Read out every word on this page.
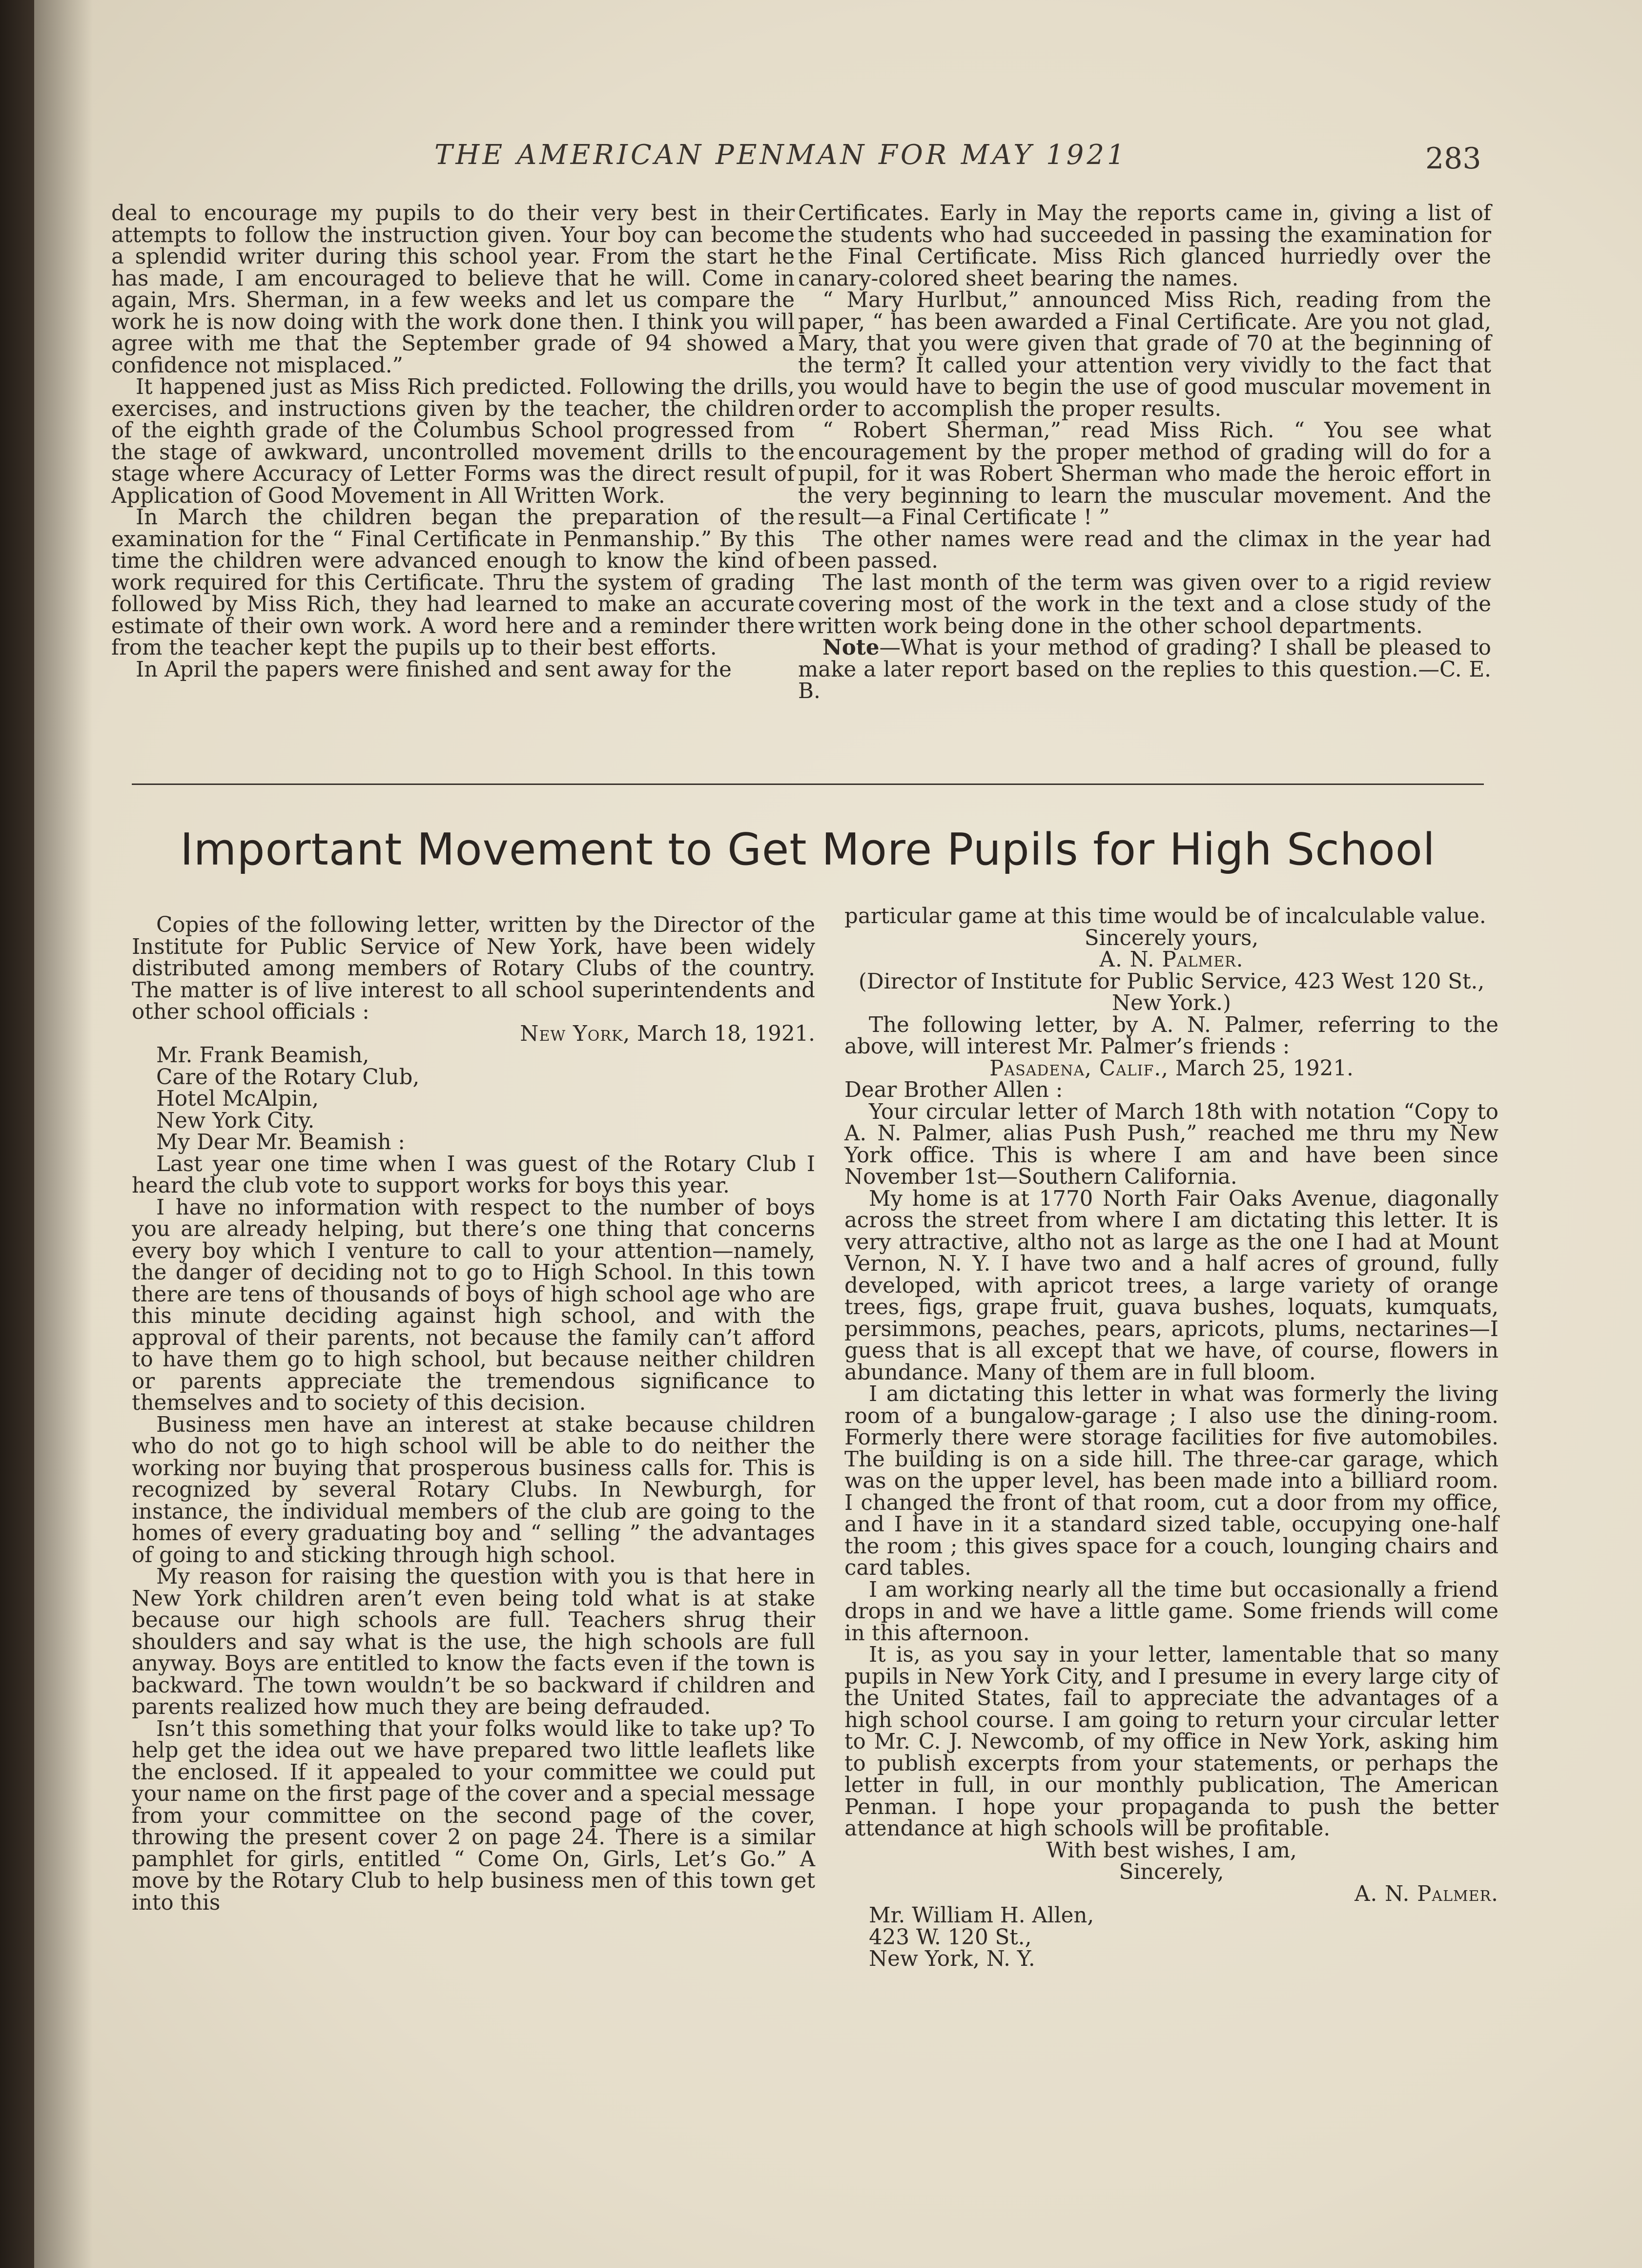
THE AMERICAN PENMAN FOR MAY 1921	283

deal to encourage my pupils to do their very best in their attempts to follow the instruction given. Your boy can become a splendid writer during this school year. From the start he has made, I am encouraged to believe that he will. Come in again, Mrs. Sherman, in a few weeks and let us compare the work he is now doing with the work done then. I think you will agree with me that the September grade of 94 showed a confidence not misplaced.”

It happened just as Miss Rich predicted. Following the drills, exercises, and instructions given by the teacher, the children of the eighth grade of the Columbus School progressed from the stage of awkward, uncontrolled movement drills to the stage where Accuracy of Letter Forms was the direct result of Application of Good Movement in All Written Work.

In March the children began the preparation of the examination for the “ Final Certificate in Penmanship.” By this time the children were advanced enough to know the kind of work required for this Certificate. Thru the system of grading followed by Miss Rich, they had learned to make an accurate estimate of their own work. A word here and a reminder there from the teacher kept the pupils up to their best efforts.

In April the papers were finished and sent away for the

Certificates. Early in May the reports came in, giving a list of the students who had succeeded in passing the examination for the Final Certificate. Miss Rich glanced hurriedly over the canary-colored sheet bearing the names.

“ Mary Hurlbut,” announced Miss Rich, reading from the paper, “ has been awarded a Final Certificate. Are you not glad, Mary, that you were given that grade of 70 at the beginning of the term? It called your attention very vividly to the fact that you would have to begin the use of good muscular movement in order to accomplish the proper results.

“ Robert Sherman,” read Miss Rich. “ You see what encouragement by the proper method of grading will do for a pupil, for it was Robert Sherman who made the heroic effort in the very beginning to learn the muscular movement. And the result—a Final Certificate ! ”

The other names were read and the climax in the year had been passed.

The last month of the term was given over to a rigid review covering most of the work in the text and a close study of the written work being done in the other school departments.

Note—What is your method of grading? I shall be pleased to make a later report based on the replies to this question.—C. E. B.

Important Movement to Get More Pupils for High School

Copies of the following letter, written by the Director of the Institute for Public Service of New York, have been widely distributed among members of Rotary Clubs of the country. The matter is of live interest to all school superintendents and other school officials :

New York, March 18, 1921.

Mr. Frank Beamish,

Care of the Rotary Club,

Hotel McAlpin,

New York City.

My Dear Mr. Beamish :

Last year one time when I was guest of the Rotary Club I heard the club vote to support works for boys this year.

I have no information with respect to the number of boys you are already helping, but there’s one thing that concerns every boy which I venture to call to your attention—namely, the danger of deciding not to go to High School. In this town there are tens of thousands of boys of high school age who are this minute deciding against high school, and with the approval of their parents, not because the family can’t afford to have them go to high school, but because neither children or parents appreciate the tremendous significance to themselves and to society of this decision.

Business men have an interest at stake because children who do not go to high school will be able to do neither the working nor buying that prosperous business calls for. This is recognized by several Rotary Clubs. In Newburgh, for instance, the individual members of the club are going to the homes of every graduating boy and “ selling ” the advantages of going to and sticking through high school.

My reason for raising the question with you is that here in New York children aren’t even being told what is at stake because our high schools are full. Teachers shrug their shoulders and say what is the use, the high schools are full anyway. Boys are entitled to know the facts even if the town is backward. The town wouldn’t be so backward if children and parents realized how much they are being defrauded.

Isn’t this something that your folks would like to take up? To help get the idea out we have prepared two little leaflets like the enclosed. If it appealed to your committee we could put your name on the first page of the cover and a special message from your committee on the second page of the cover, throwing the present cover 2 on page 24. There is a similar pamphlet for girls, entitled “ Come On, Girls, Let’s Go.” A move by the Rotary Club to help business men of this town get into this

particular game at this time would be of incalculable value.

Sincerely yours,

A. N. Palmer.

(Director of Institute for Public Service, 423 West 120 St., New York.)

The following letter, by A. N. Palmer, referring to the above, will interest Mr. Palmer’s friends :

Pasadena, Calif., March 25, 1921.

Dear Brother Allen :

Your circular letter of March 18th with notation “Copy to A. N. Palmer, alias Push Push,” reached me thru my New York office. This is where I am and have been since November 1st—Southern California.

My home is at 1770 North Fair Oaks Avenue, diagonally across the street from where I am dictating this letter. It is very attractive, altho not as large as the one I had at Mount Vernon, N. Y. I have two and a half acres of ground, fully developed, with apricot trees, a large variety of orange trees, figs, grape fruit, guava bushes, loquats, kumquats, persimmons, peaches, pears, apricots, plums, nectarines—I guess that is all except that we have, of course, flowers in abundance. Many of them are in full bloom.

I am dictating this letter in what was formerly the living room of a bungalow-garage ; I also use the dining-room. Formerly there were storage facilities for five automobiles. The building is on a side hill. The three-car garage, which was on the upper level, has been made into a billiard room. I changed the front of that room, cut a door from my office, and I have in it a standard sized table, occupying one-half the room ; this gives space for a couch, lounging chairs and card tables.

I am working nearly all the time but occasionally a friend drops in and we have a little game. Some friends will come in this afternoon.

It is, as you say in your letter, lamentable that so many pupils in New York City, and I presume in every large city of the United States, fail to appreciate the advantages of a high school course. I am going to return your circular letter to Mr. C. J. Newcomb, of my office in New York, asking him to publish excerpts from your statements, or perhaps the letter in full, in our monthly publication, The American Penman. I hope your propaganda to push the better attendance at high schools will be profitable.

With best wishes, I am,

Sincerely,

A. N. Palmer.

Mr. William H. Allen,

423 W. 120 St.,

New York, N. Y.
